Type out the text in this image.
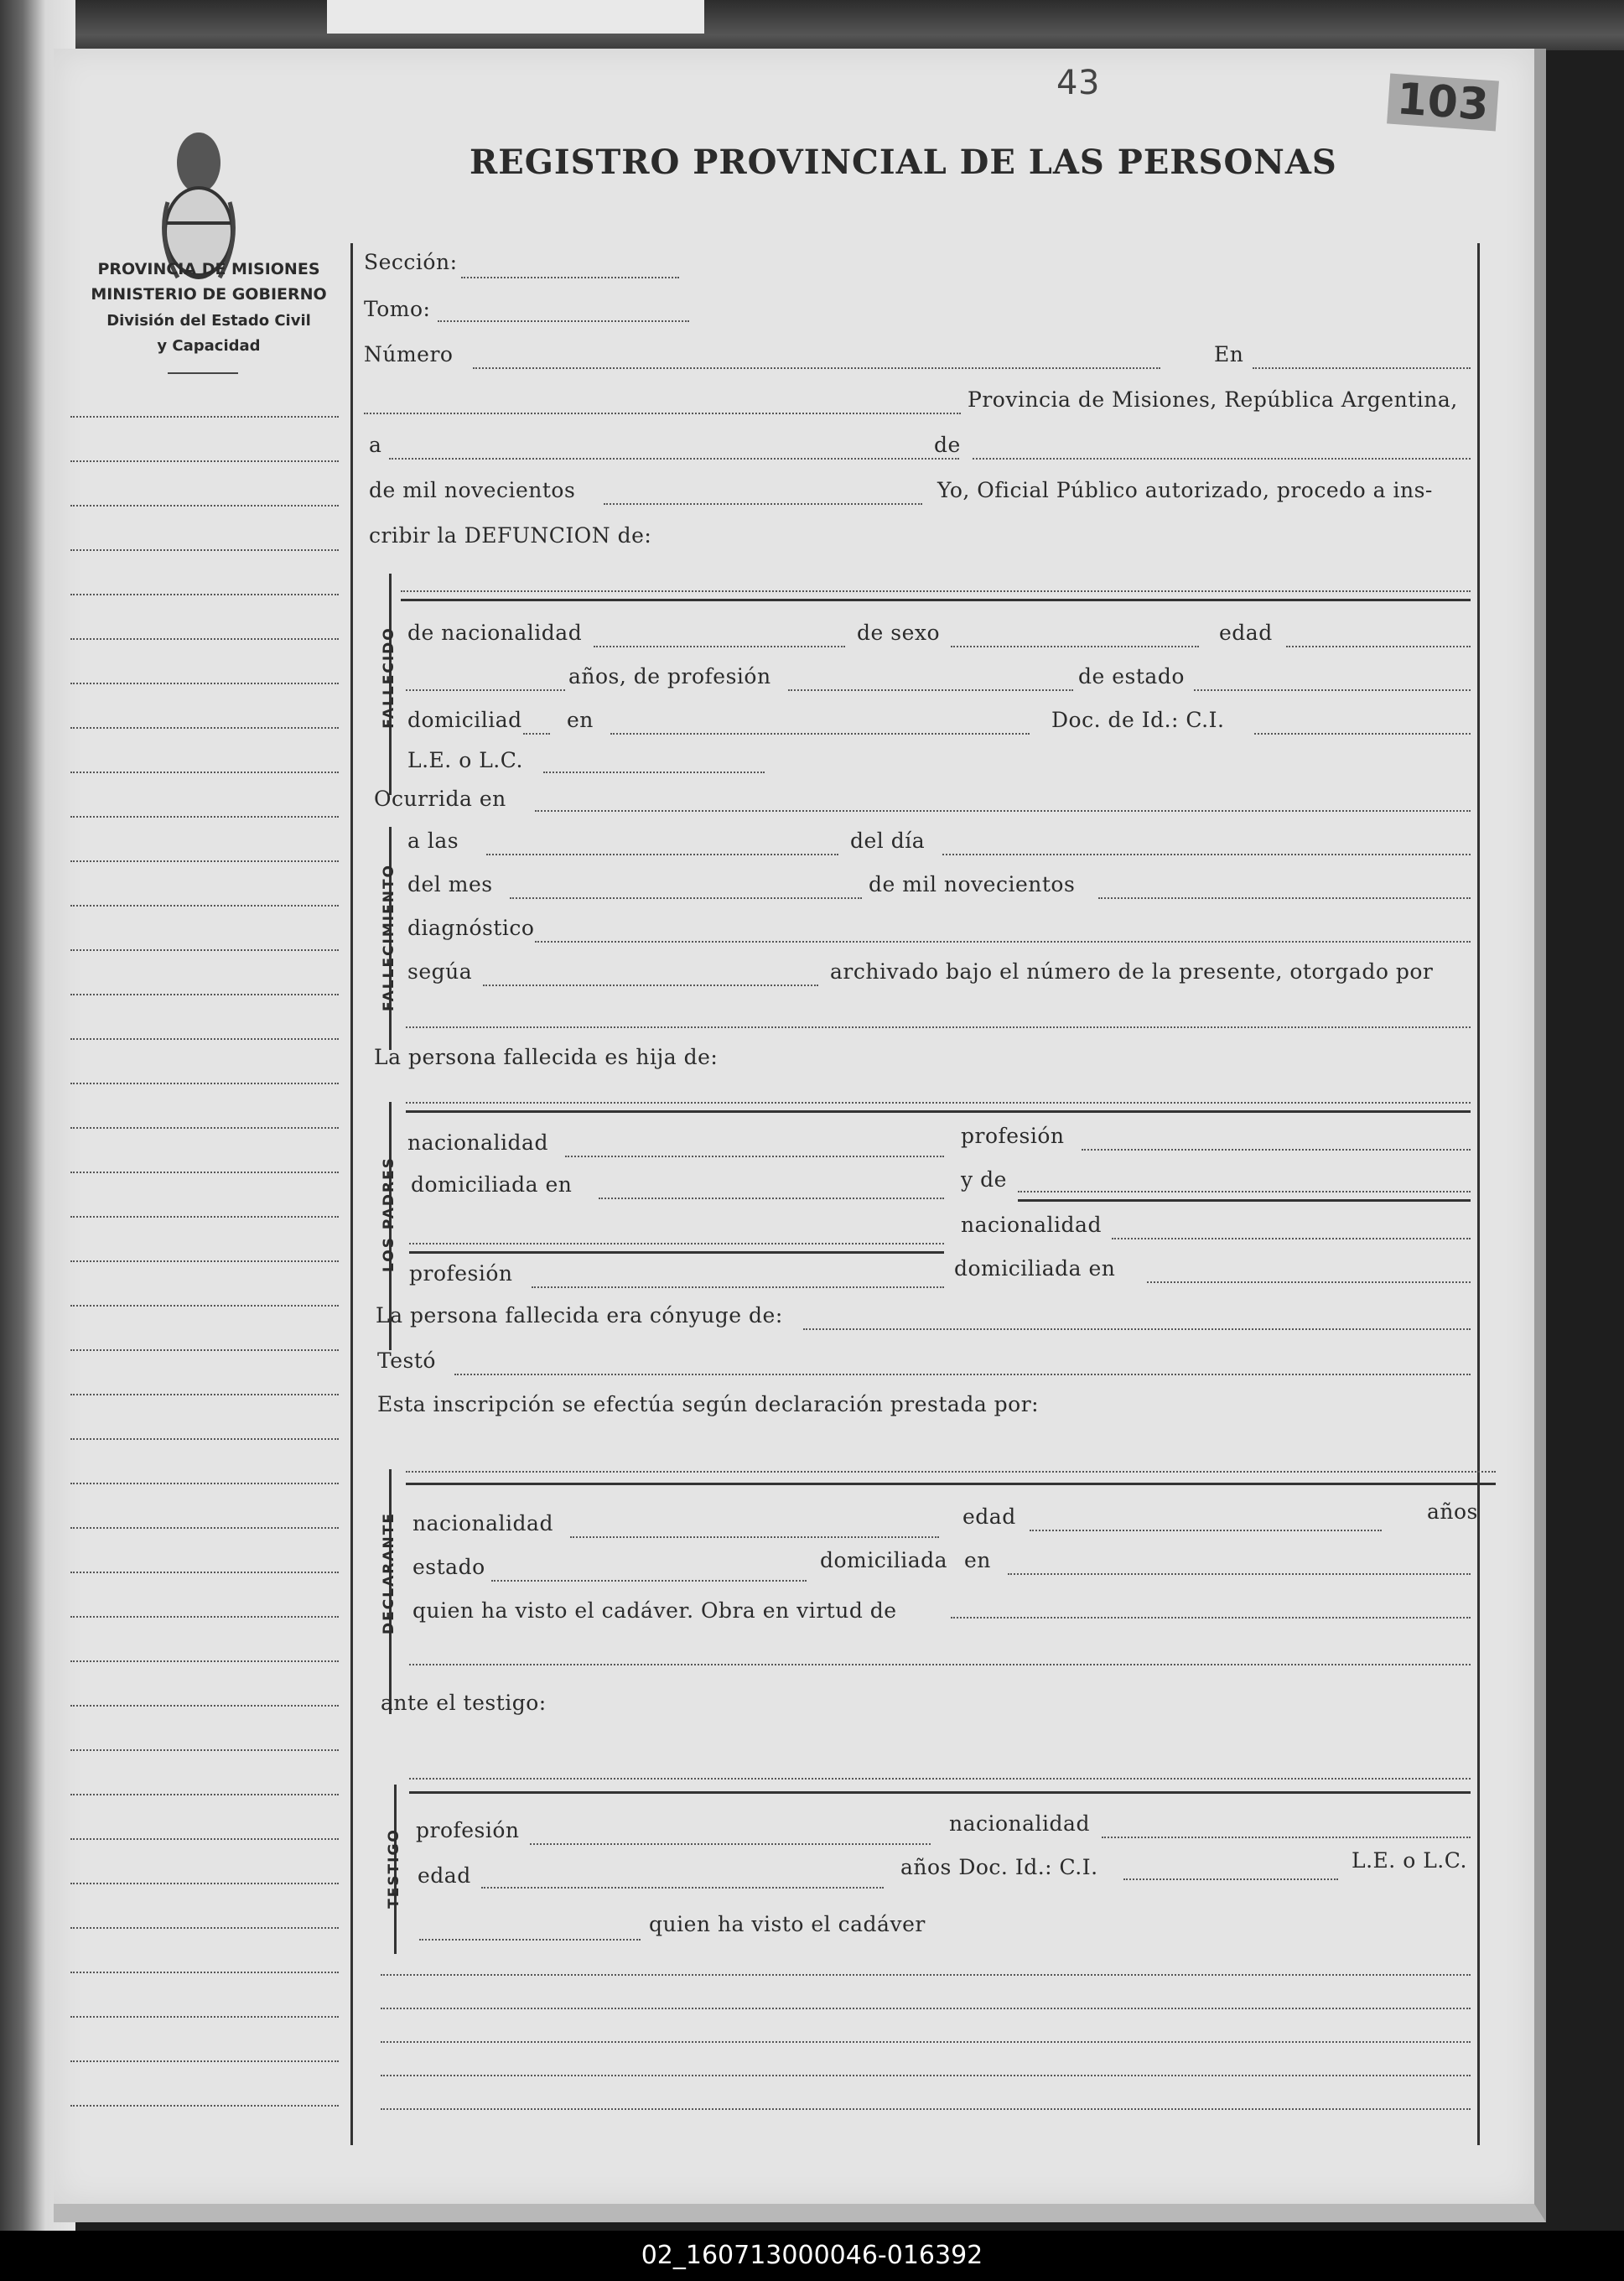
43	103
REGISTRO PROVINCIAL DE LAS PERSONAS
PROVINCIA DE MISIONES
MINISTERIO DE GOBIERNO
División del Estado Civil
y Capacidad
Sección:
Tomo:
Número	En
Provincia de Misiones, República Argentina,
a	de
de mil novecientos	Yo, Oficial Público autorizado, procedo a ins-
cribir la DEFUNCION de:
FALLECIDO de nacionalidad	de sexo	edad
años, de profesión	de estado
domiciliad en	Doc. de Id.: C.I.
L.E. o L.C.
Ocurrida en
FALLECIMIENTO
a las	del día
del mes	de mil novecientos
diagnóstico
segúa	archivado bajo el número de la presente, otorgado por
La persona fallecida es hija de:
LOS PADRES
nacionalidad	profesión
domiciliada en	y de
nacionalidad
profesión	domiciliada en
La persona fallecida era cónyuge de:
Testó
Esta inscripción se efectúa según declaración prestada por:
DECLARANTE nacionalidad	edad	años
estado	domiciliada en
quien ha visto el cadáver. Obra en virtud de
ante el testigo:
TESTIGO profesión	nacionalidad
edad	años Doc. Id.: C.I.	L.E. o L.C.
quien ha visto el cadáver
02_160713000046-016392
